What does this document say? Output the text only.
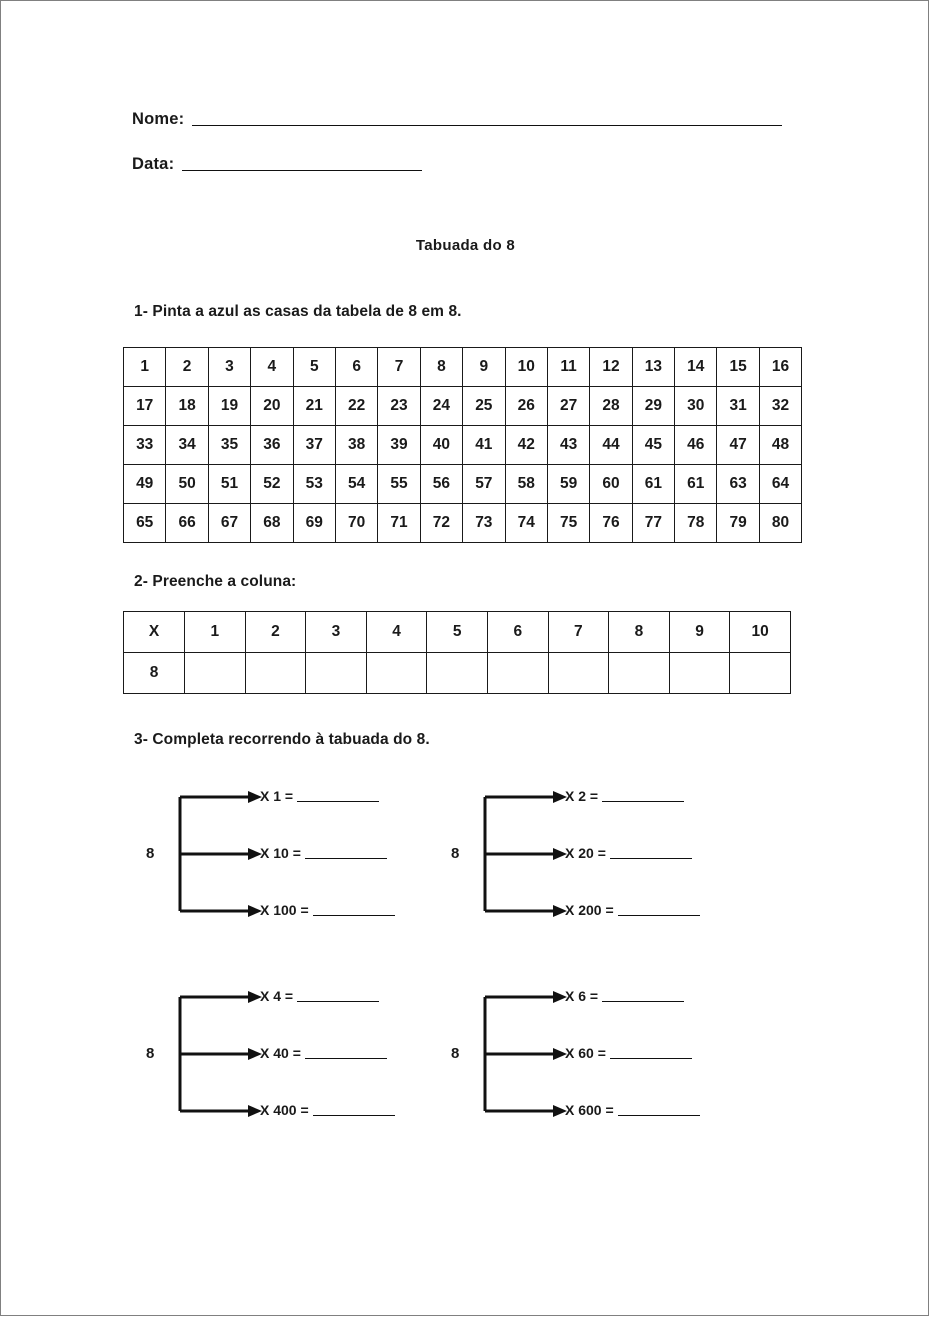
Nome:
Data:
Tabuada do 8
1- Pinta a azul as casas da tabela de 8 em 8.
1	2	3	4	5	6	7	8	9	10	11	12	13	14	15	16
17	18	19	20	21	22	23	24	25	26	27	28	29	30	31	32
33	34	35	36	37	38	39	40	41	42	43	44	45	46	47	48
49	50	51	52	53	54	55	56	57	58	59	60	61	61	63	64
65	66	67	68	69	70	71	72	73	74	75	76	77	78	79	80
2- Preenche a coluna:
X	1	2	3	4	5	6	7	8	9	10
8										
3- Completa recorrendo à tabuada do 8.
8
X 1 =
X 10 =
X 100 =
8
X 2 =
X 20 =
X 200 =
8
X 4 =
X 40 =
X 400 =
8
X 6 =
X 60 =
X 600 =
